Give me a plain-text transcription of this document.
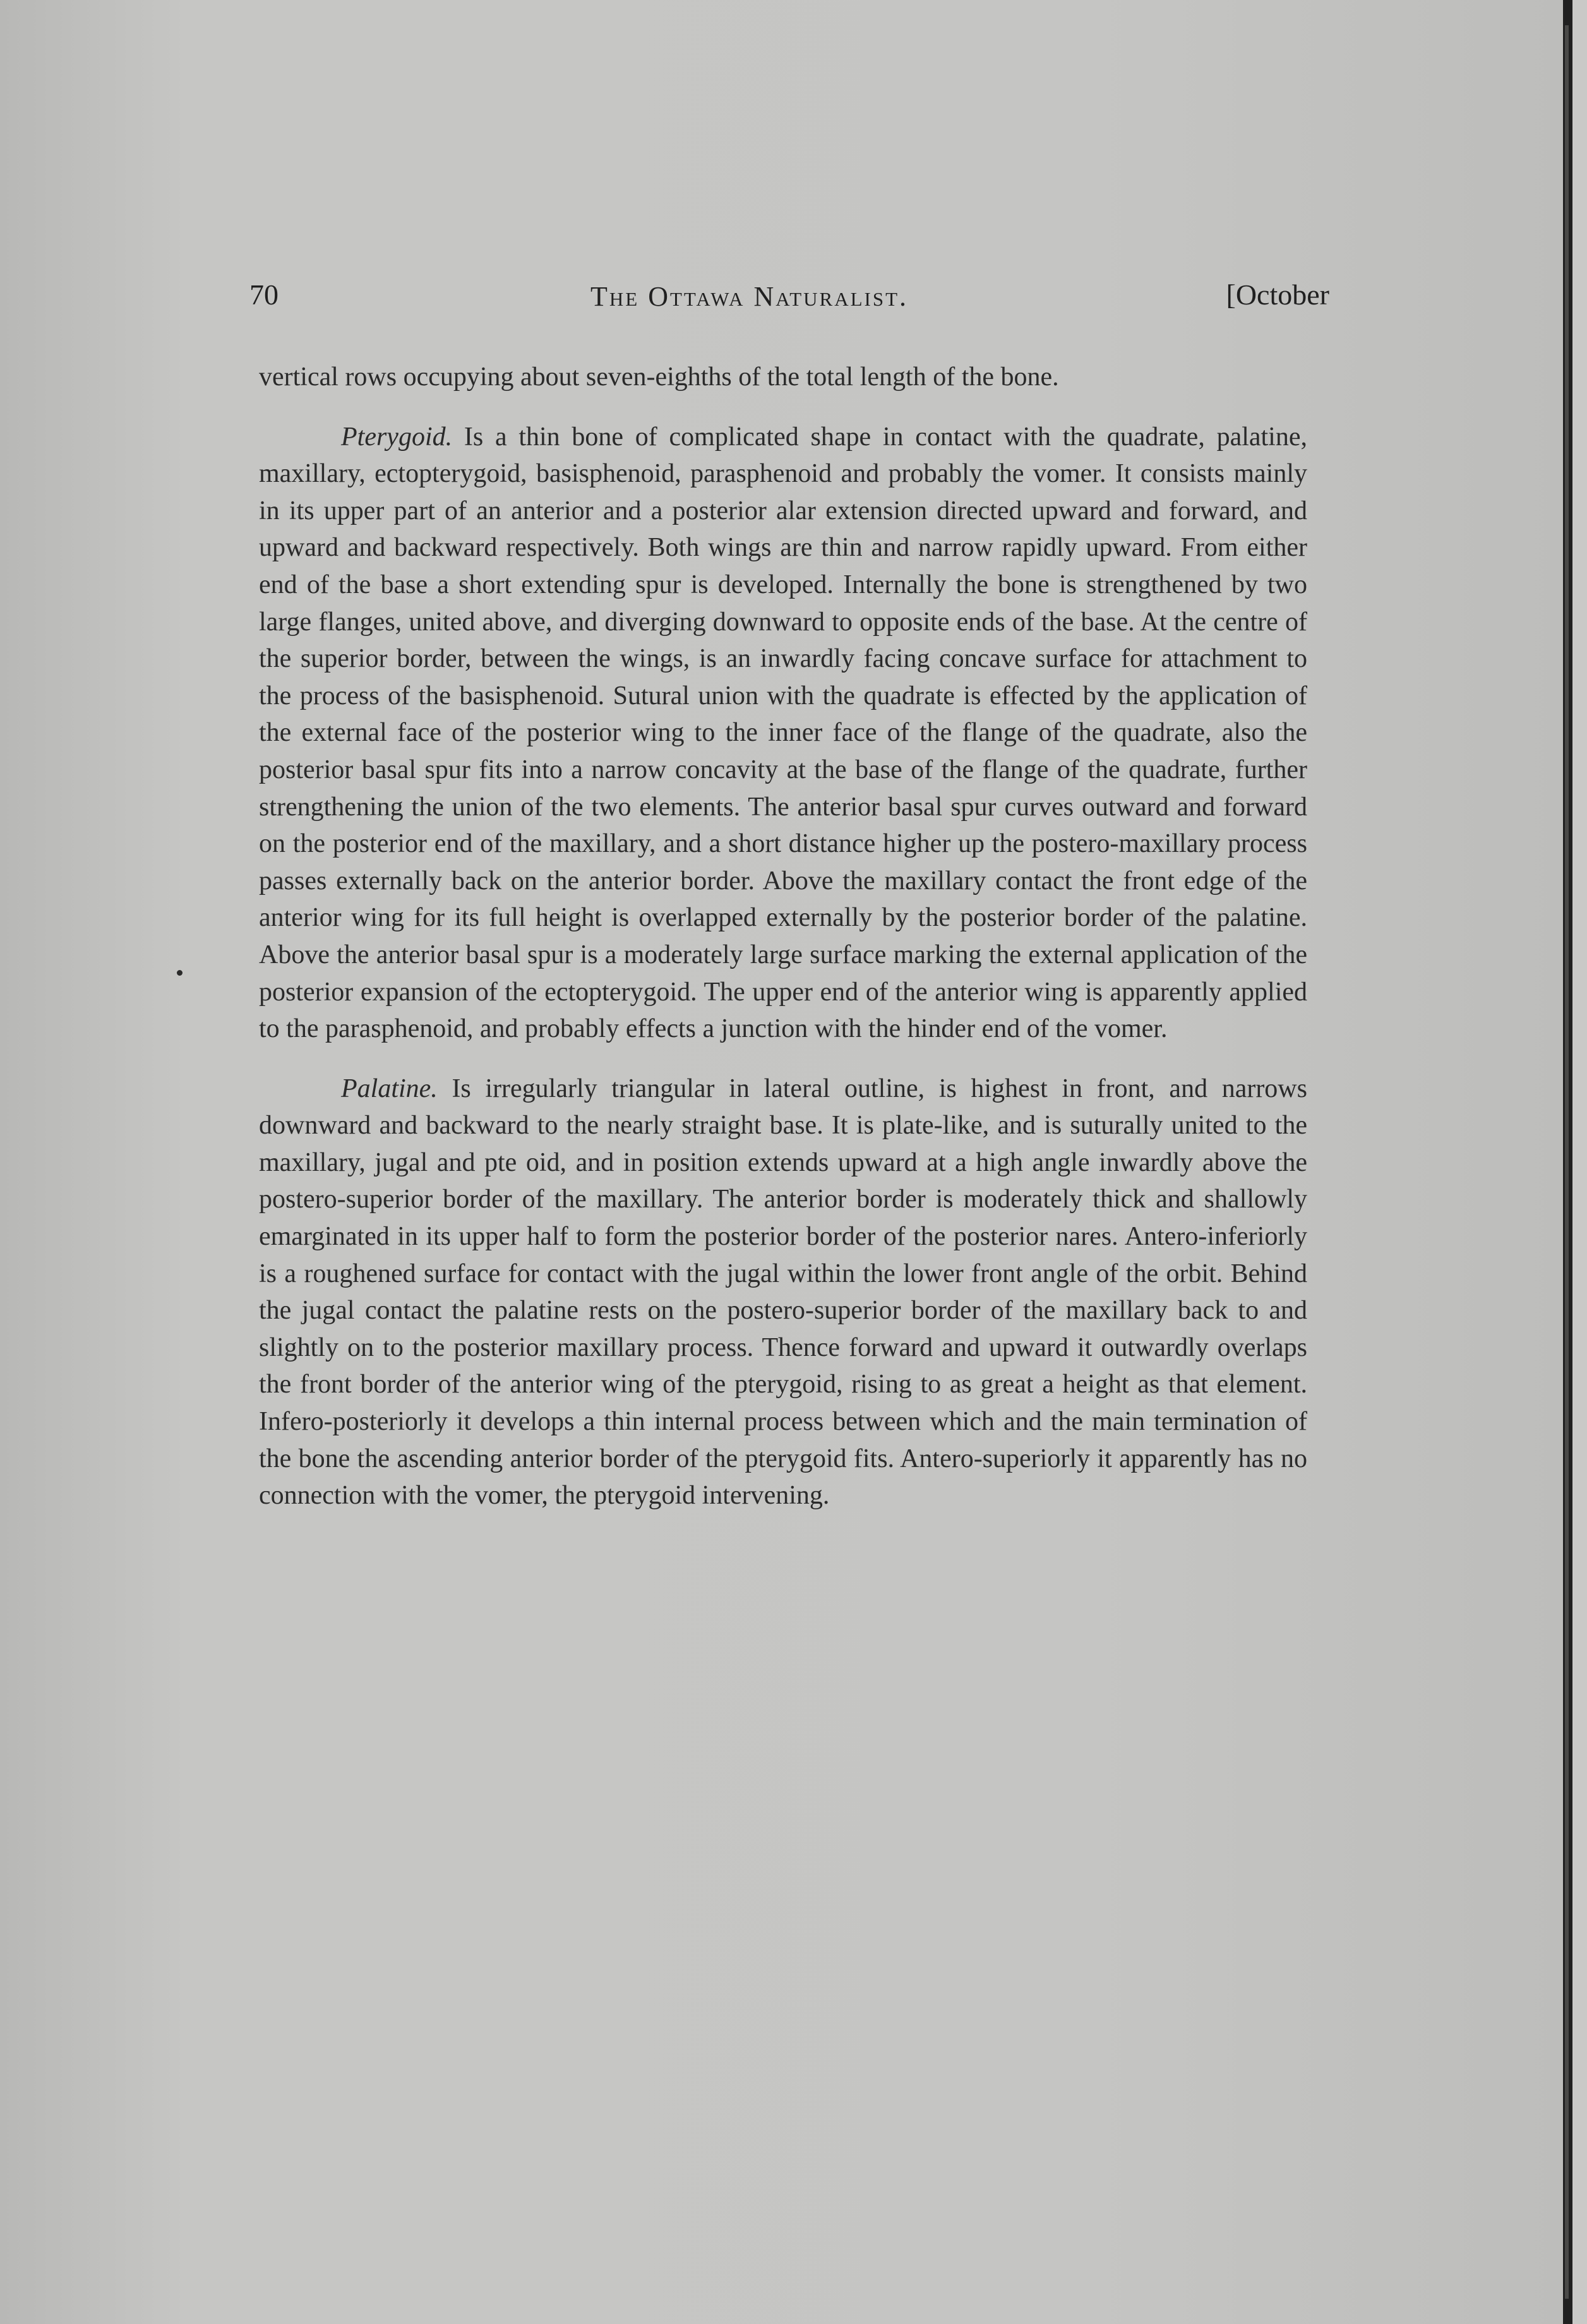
70	The Ottawa Naturalist.	[October

vertical rows occupying about seven-eighths of the total length of the bone.

Pterygoid. Is a thin bone of complicated shape in contact with the quadrate, palatine, maxillary, ectopterygoid, basisphenoid, parasphenoid and probably the vomer. It consists mainly in its upper part of an anterior and a posterior alar extension directed upward and forward, and upward and backward respectively. Both wings are thin and narrow rapidly upward. From either end of the base a short extending spur is developed. Internally the bone is strengthened by two large flanges, united above, and diverging downward to opposite ends of the base. At the centre of the superior border, between the wings, is an inwardly facing concave surface for attachment to the process of the basisphenoid. Sutural union with the quadrate is effected by the application of the external face of the posterior wing to the inner face of the flange of the quadrate, also the posterior basal spur fits into a narrow concavity at the base of the flange of the quadrate, further strengthening the union of the two elements. The anterior basal spur curves outward and forward on the posterior end of the maxillary, and a short distance higher up the postero-maxillary process passes externally back on the anterior border. Above the maxillary contact the front edge of the anterior wing for its full height is overlapped externally by the posterior border of the palatine. Above the anterior basal spur is a moderately large surface marking the external application of the posterior expansion of the ectopterygoid. The upper end of the anterior wing is apparently applied to the parasphenoid, and probably effects a junction with the hinder end of the vomer.

Palatine. Is irregularly triangular in lateral outline, is highest in front, and narrows downward and backward to the nearly straight base. It is plate-like, and is suturally united to the maxillary, jugal and pte oid, and in position extends upward at a high angle inwardly above the postero-superior border of the maxillary. The anterior border is moderately thick and shallowly emarginated in its upper half to form the posterior border of the posterior nares. Antero-inferiorly is a roughened surface for contact with the jugal within the lower front angle of the orbit. Behind the jugal contact the palatine rests on the postero-superior border of the maxillary back to and slightly on to the posterior maxillary process. Thence forward and upward it outwardly overlaps the front border of the anterior wing of the pterygoid, rising to as great a height as that element. Infero-posteriorly it develops a thin internal process between which and the main termination of the bone the ascending anterior border of the pterygoid fits. Antero-superiorly it apparently has no connection with the vomer, the pterygoid intervening.
